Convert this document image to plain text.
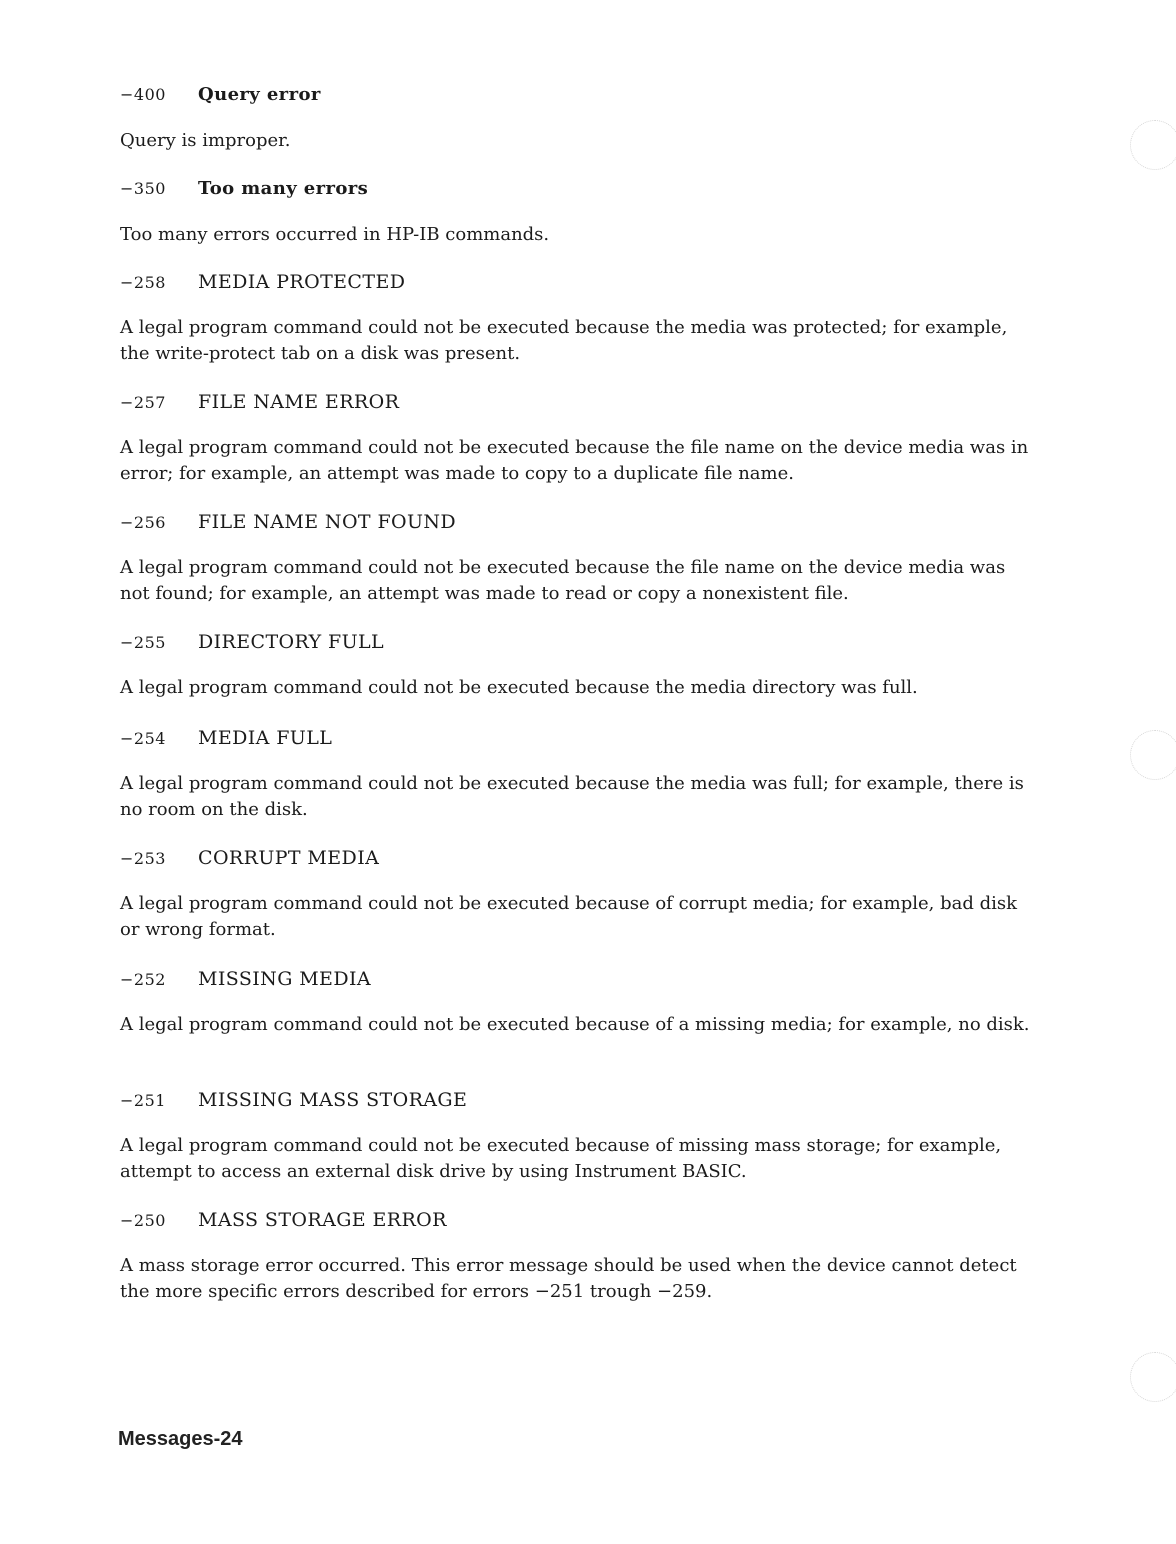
−400	Query error
Query is improper.
−350	Too many errors
Too many errors occurred in HP-IB commands.
−258	MEDIA PROTECTED
A legal program command could not be executed because the media was protected; for example, the write-protect tab on a disk was present.
−257	FILE NAME ERROR
A legal program command could not be executed because the file name on the device media was in error; for example, an attempt was made to copy to a duplicate file name.
−256	FILE NAME NOT FOUND
A legal program command could not be executed because the file name on the device media was not found; for example, an attempt was made to read or copy a nonexistent file.
−255	DIRECTORY FULL
A legal program command could not be executed because the media directory was full.
−254	MEDIA FULL
A legal program command could not be executed because the media was full; for example, there is no room on the disk.
−253	CORRUPT MEDIA
A legal program command could not be executed because of corrupt media; for example, bad disk or wrong format.
−252	MISSING MEDIA
A legal program command could not be executed because of a missing media; for example, no disk.
−251	MISSING MASS STORAGE
A legal program command could not be executed because of missing mass storage; for example, attempt to access an external disk drive by using Instrument BASIC.
−250	MASS STORAGE ERROR
A mass storage error occurred. This error message should be used when the device cannot detect the more specific errors described for errors −251 trough −259.
Messages-24
